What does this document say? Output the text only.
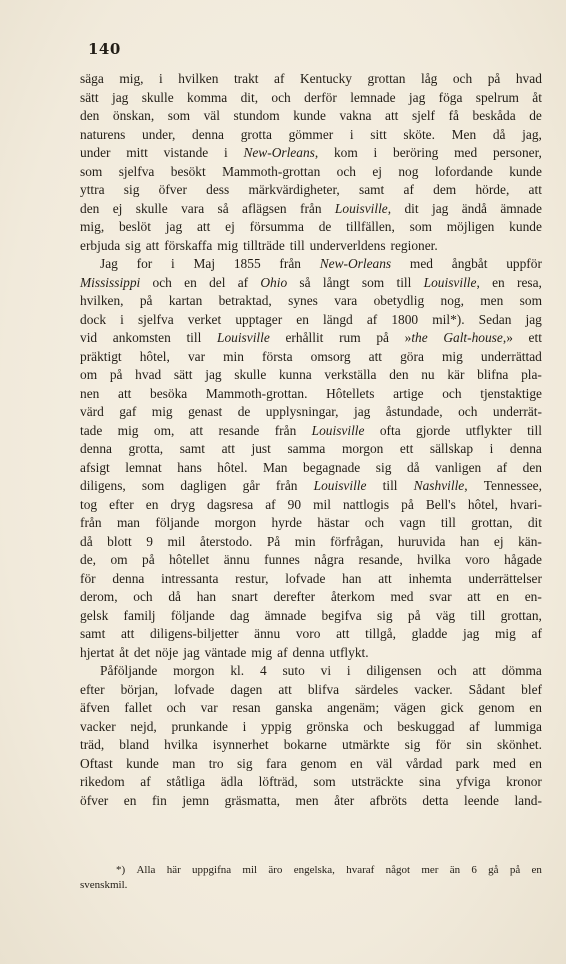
140
säga mig, i hvilken trakt af Kentucky grottan låg och på hvad
sätt jag skulle komma dit, och derför lemnade jag föga spelrum åt
den önskan, som väl stundom kunde vakna att sjelf få beskåda de
naturens under, denna grotta gömmer i sitt sköte. Men då jag,
under mitt vistande i New-Orleans, kom i beröring med personer,
som sjelfva besökt Mammoth-grottan och ej nog lofordande kunde
yttra sig öfver dess märkvärdigheter, samt af dem hörde, att
den ej skulle vara så aflägsen från Louisville, dit jag ändå ämnade
mig, beslöt jag att ej försumma de tillfällen, som möjligen kunde
erbjuda sig att förskaffa mig tillträde till underverldens regioner.
Jag for i Maj 1855 från New-Orleans med ångbåt uppför
Mississippi och en del af Ohio så långt som till Louisville, en resa,
hvilken, på kartan betraktad, synes vara obetydlig nog, men som
dock i sjelfva verket upptager en längd af 1800 mil*). Sedan jag
vid ankomsten till Louisville erhållit rum på »the Galt-house,» ett
präktigt hôtel, var min första omsorg att göra mig underrättad
om på hvad sätt jag skulle kunna verkställa den nu kär blifna pla-
nen att besöka Mammoth-grottan. Hôtellets artige och tjenstaktige
värd gaf mig genast de upplysningar, jag åstundade, och underrät-
tade mig om, att resande från Louisville ofta gjorde utflykter till
denna grotta, samt att just samma morgon ett sällskap i denna
afsigt lemnat hans hôtel. Man begagnade sig då vanligen af den
diligens, som dagligen går från Louisville till Nashville, Tennessee,
tog efter en dryg dagsresa af 90 mil nattlogis på Bell's hôtel, hvari-
från man följande morgon hyrde hästar och vagn till grottan, dit
då blott 9 mil återstodo. På min förfrågan, huruvida han ej kän-
de, om på hôtellet ännu funnes några resande, hvilka voro hågade
för denna intressanta restur, lofvade han att inhemta underrättelser
derom, och då han snart derefter återkom med svar att en en-
gelsk familj följande dag ämnade begifva sig på väg till grottan,
samt att diligens-biljetter ännu voro att tillgå, gladde jag mig af
hjertat åt det nöje jag väntade mig af denna utflykt.
Påföljande morgon kl. 4 suto vi i diligensen och att dömma
efter början, lofvade dagen att blifva särdeles vacker. Sådant blef
äfven fallet och var resan ganska angenäm; vägen gick genom en
vacker nejd, prunkande i yppig grönska och beskuggad af lummiga
träd, bland hvilka isynnerhet bokarne utmärkte sig för sin skönhet.
Oftast kunde man tro sig fara genom en väl vårdad park med en
rikedom af ståtliga ädla löfträd, som utsträckte sina yfviga kronor
öfver en fin jemn gräsmatta, men åter afbröts detta leende land-
*) Alla här uppgifna mil äro engelska, hvaraf något mer än 6 gå på en
svensk mil.
